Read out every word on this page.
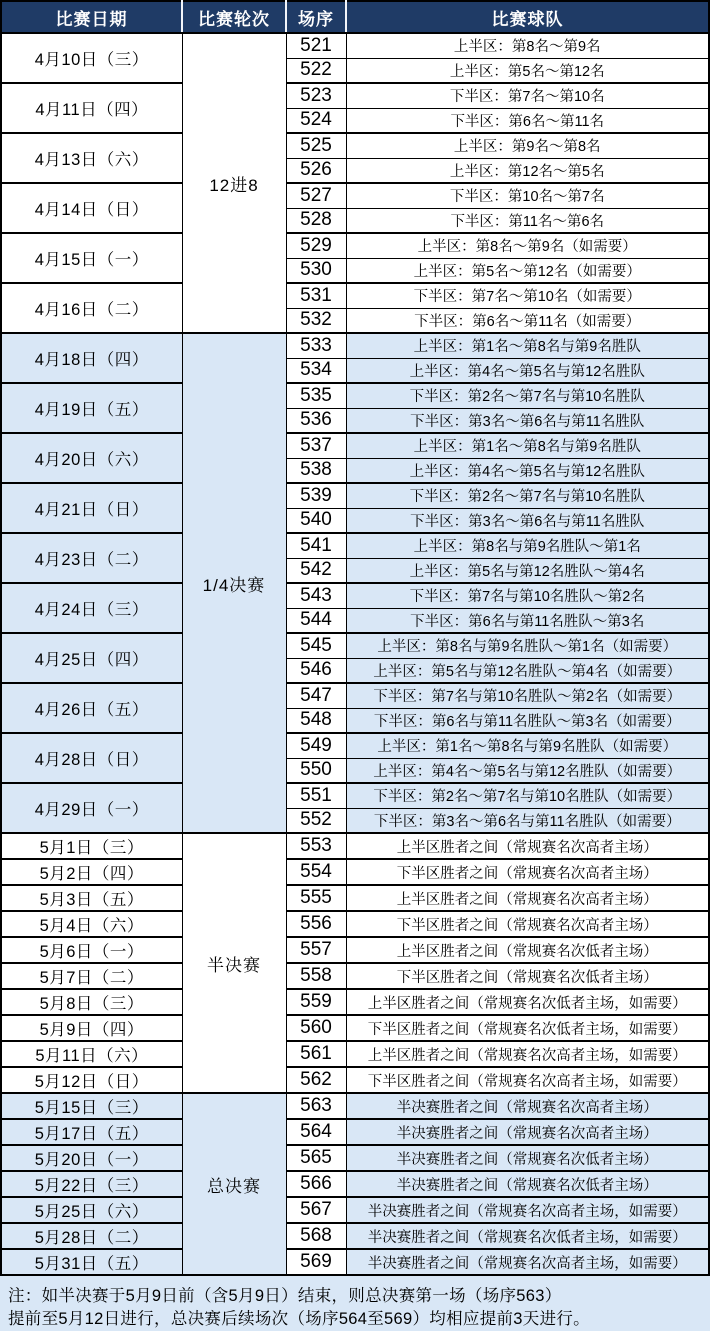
比赛日期	比赛轮次	场序	比赛球队
4月10日（三）	12进8	521	上半区：第8名～第9名
		522	上半区：第5名～第12名
4月11日（四）		523	下半区：第7名～第10名
		524	下半区：第6名～第11名
4月13日（六）		525	上半区：第9名～第8名
		526	上半区：第12名～第5名
4月14日（日）		527	下半区：第10名～第7名
		528	下半区：第11名～第6名
4月15日（一）		529	上半区：第8名～第9名（如需要）
		530	上半区：第5名～第12名（如需要）
4月16日（二）		531	下半区：第7名～第10名（如需要）
		532	下半区：第6名～第11名（如需要）
4月18日（四）	1/4决赛	533	上半区：第1名～第8名与第9名胜队
		534	上半区：第4名～第5名与第12名胜队
4月19日（五）		535	下半区：第2名～第7名与第10名胜队
		536	下半区：第3名～第6名与第11名胜队
4月20日（六）		537	上半区：第1名～第8名与第9名胜队
		538	上半区：第4名～第5名与第12名胜队
4月21日（日）		539	下半区：第2名～第7名与第10名胜队
		540	下半区：第3名～第6名与第11名胜队
4月23日（二）		541	上半区：第8名与第9名胜队～第1名
		542	上半区：第5名与第12名胜队～第4名
4月24日（三）		543	下半区：第7名与第10名胜队～第2名
		544	下半区：第6名与第11名胜队～第3名
4月25日（四）		545	上半区：第8名与第9名胜队～第1名（如需要）
		546	上半区：第5名与第12名胜队～第4名（如需要）
4月26日（五）		547	下半区：第7名与第10名胜队～第2名（如需要）
		548	下半区：第6名与第11名胜队～第3名（如需要）
4月28日（日）		549	上半区：第1名～第8名与第9名胜队（如需要）
		550	上半区：第4名～第5名与第12名胜队（如需要）
4月29日（一）		551	下半区：第2名～第7名与第10名胜队（如需要）
		552	下半区：第3名～第6名与第11名胜队（如需要）
5月1日（三）	半决赛	553	上半区胜者之间（常规赛名次高者主场）
5月2日（四）		554	下半区胜者之间（常规赛名次高者主场）
5月3日（五）		555	上半区胜者之间（常规赛名次高者主场）
5月4日（六）		556	下半区胜者之间（常规赛名次高者主场）
5月6日（一）		557	上半区胜者之间（常规赛名次低者主场）
5月7日（二）		558	下半区胜者之间（常规赛名次低者主场）
5月8日（三）		559	上半区胜者之间（常规赛名次低者主场，如需要）
5月9日（四）		560	下半区胜者之间（常规赛名次低者主场，如需要）
5月11日（六）		561	上半区胜者之间（常规赛名次高者主场，如需要）
5月12日（日）		562	下半区胜者之间（常规赛名次高者主场，如需要）
5月15日（三）	总决赛	563	半决赛胜者之间（常规赛名次高者主场）
5月17日（五）		564	半决赛胜者之间（常规赛名次高者主场）
5月20日（一）		565	半决赛胜者之间（常规赛名次低者主场）
5月22日（三）		566	半决赛胜者之间（常规赛名次低者主场）
5月25日（六）		567	半决赛胜者之间（常规赛名次高者主场，如需要）
5月28日（二）		568	半决赛胜者之间（常规赛名次低者主场，如需要）
5月31日（五）		569	半决赛胜者之间（常规赛名次高者主场，如需要）
注：如半决赛于5月9日前（含5月9日）结束，则总决赛第一场（场序563）
提前至5月12日进行，总决赛后续场次（场序564至569）均相应提前3天进行。
